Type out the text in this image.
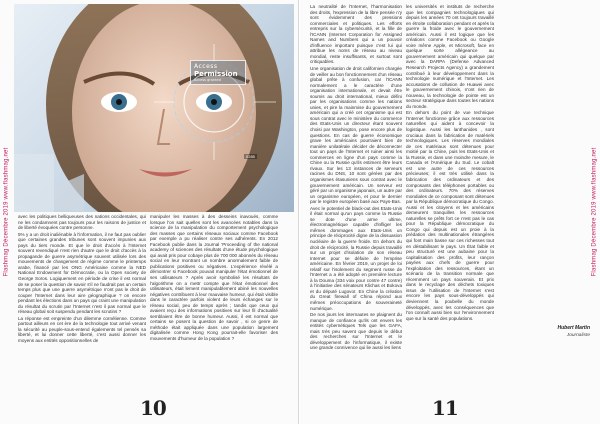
Flashmag Décembre 2019 www.flashmag.net
Access
Permission
Access granted
0285

avec les politiques belliqueuses des nations occidentales, qui ne les condamnent pas toujours pour les raisons de justice et de liberté évoquées contre personne.

5% y a un droit inaliénable à l'information, il ne faut pas oublier que certaines grandes tribunes sont souvent impunies aux pays du tiers monde. Et que le droit d'accès à l'Internet souvent revendiqué n'est rien d'autre que le droit d'accès à la propagande de guerre asymétrique souvent utilisée lors des mouvements de changement de régime comme le printemps arabe, financé par les ONG Américaine comme la NED National Endowment for Démocratie, ou la Open society de George Soros. Logiquement en période de crise il est normal de se poser la question de savoir s'il ne faudrait pas un certain temps plus que une guerre asymétrique n'ont pas le droit de couper l'Internet dans leur aire géographique ? on encore pendant les élections dans un pays qui craint une manipulation du résultat du scrutin par l'Internet n'est il pas normal que le réseau global soit suspendu pendant les scrutins ?

La réponse est empreinte d'un dilemme cornélienne. Comme partout ailleurs en cet ère de la technologie tout arrivé venant la sécurité au peuple-sous-entend égalements tel pensés sa liberté, et lui donner cette liberté, c'est aussi donner les moyens aux entités oppositionnelles de

manipuler les masses à des desseins inavoués, comme lorsque l'on sait quelles sont les avancées notables dans la science de la manipulation du comportement psychologique des masses que certains réseaux sociaux comme Facebook par exemple a pu réaliser contre ses adhérents. En 2012 Facebook publie dans la Journal 'Proceeding of the national academy of sciences des résultats d'une étude psychologique qui avait pris pour cobaye plus de 700 000 abonnés du réseau social en leur montrant un nombre anormalement faible de publications positives ou négatives. L'expérience révélé a démontrer si Facebook pouvait manipuler l'état émotionnel de ses utilisateurs ? Après avoir symbolisé les résultats de l'algorithme on a mettr compte que l'état émotionnel des utilisateurs, était lement manipulablement abiné les nouvelles négatives contribuent à leur mauvaise humeur, qui était visible dans le caractère parfois violent de leurs échanges sur le réseau social, peu de temps après ; tandis que ceux qui avaient reçu des informations positives sur leur fil d'actualité semblaient être de bonne humeur. Aussi, il est normal que certains se posent la question de savoir , si ce genre de méthode était appliquée dans une population largement digitalisée comme Hong Kong pourrait-elle favoriser des mouvements d'humeur de la population ?

10

La neutralité de l'Internet, l'harmonisation des droits, l'expression de la libre pensée n'y sont évidemment des pressions commerciales et politiques. Les efforts entrepris sur la cybersécurité, et la fille de l'ICANN (Internet Corporation for Assigned Names and Numbers qui a un pouvoir d'influence important puisque c'est lui qui attribue les noms de réseau au niveau mondial, reste insuffisants, et surtout sont critiquables.

Une organisation de droit californien chargée de veiller au bon fonctionnement d'un réseau global prête à confusion, car l'ICANN normalement a le caractère d'une organisation internationale, et devait être soumis au droit international, mieux défini par les organisations comme les nations unies, et pire la mainmise du gouvernement américain qui a créé cet organisme qui est sous contrat avec le ministère du commerce des Etats-Unis un directeur étant souvent choisi par Washington, pose encore plus de questions. En cas de guerre économique grave les américains pourraient bien de manière unilatérale décider de déconnecter tout un pays de l'Internet et ruiner ainsi les commerces en ligne d'un pays comme la Chine ou la Russie qu'ils estiment être leurs rivaux. Sur les 13 instances de serveurs racines du DNS, 10 sont gérées par des organismes étasuniens sous contrat avec le gouvernement américain. Un serveur est géré par un organisme japonais, un autre par un organisme européen, et pour le dernier par le registre européen basé aux Pays-Bas.

Avec le potentiel de black-out des Etats-Unis il était normal qu'un pays comme la Russie se dote d'une arme ultime, électromagnétique capable d'infliger les mêmes dommages aux Etats-Unis un principe de réciprocité digne de la dissuasion nucléaire de la guerre froide. En dehors du droit de réciprocité, la Russie depuis travaillé sur un projet d'isolation de son réseau Internet pour se défaire de l'emprise américaine. En février 2019, un projet de loi relatif sur l'isolement du segment russe de l'Internet a a été adopté en première lecture à la Douma (334 voix pour contre 47 contre) à l'initiative des sénateurs Klichas et Bokova et du député Lugovoï. En Chine la création du Great firewall of China répond aux mêmes préoccupations de souveraineté numérique.

De nos jours les internautes se plaignent du manque de confiance qu'ils ont envers les entités cybernétiques Tels que les GAFA, mais très peu savent que depuis le début des recherches sur l'Internet et le développement de l'informatique, il existe une grande connivence qui lie aussi les liens

les universités et instituts de recherche que les compagnies technologiques qui depuis les années 70 ont toujours travaillé en étroite collaboration pendant et après la guerre la froide avec le gouvernement américain. Aussi il est logique que les créations comme Facebook ou Google voire même Apple, et Microsoft, face en quelque sorte allégeance au gouvernement américain qui quelque par avec la DARPA (Defense Advanced Research Projects Agency) a grandement contribué à leur développement dans la technologie numérique et l'Internet. Les accusations de collusion de Huawei avec le gouvernement chinois, n'ont rien de nouveau, la technologie de pointe est un secteur stratégique dans toutes les nations du monde.

En dehors du point de vue technique l'Internet fonctionne grâce aux ressources naturelles qui aident à concevoir la logistique. Aussi les lanthanides , sont cruciaux dans la fabrication de matériels technologiques. Les réserves mondiales de ces matériaux sont détenues pour moitié par la Chine, puis les Etats-Unis et la Russie, et dans une moindre mesure, le Canada et l'Amérique du Sud. Le cobalt est une autre de ces ressources précieuses; il est très utilisé dans la fabrication des ordinateurs et des composants des téléphones portables ou des ordinateurs. 70% des réserves mondiales de ce composant sont détenues par la République démocratique du Congo. Aussi et les citoyens et les américains demeurent tranquilles les ressources naturelles se prêts fort ce n'est pas le cas pour la République démocratique du Congo qui depuis est un proie à la prédation des multinationales étrangères qui font main basse sur ces richesses tout en déstabilisant le pays. Un État faible et peu structuré est une aubaine pour la capitalisation des profits, leur rançon payées aux chefs de guerre pour l'exploitation des ressources, étant un scénario de la transition normale que récemment un pays souverain. Et prix dans le recyclage des déchets toxiques issus de l'utilisation de l'Internet s'est encore les pays sous-développés qui deviennent la poubelle du monde développés, avec les conséquences que l'on connaît aussi bien sur l'environnement que sur la santé des populations.

Hubert Martin
Journaliste
11
Flashmag Décembre 2019 www.flashmag.net
